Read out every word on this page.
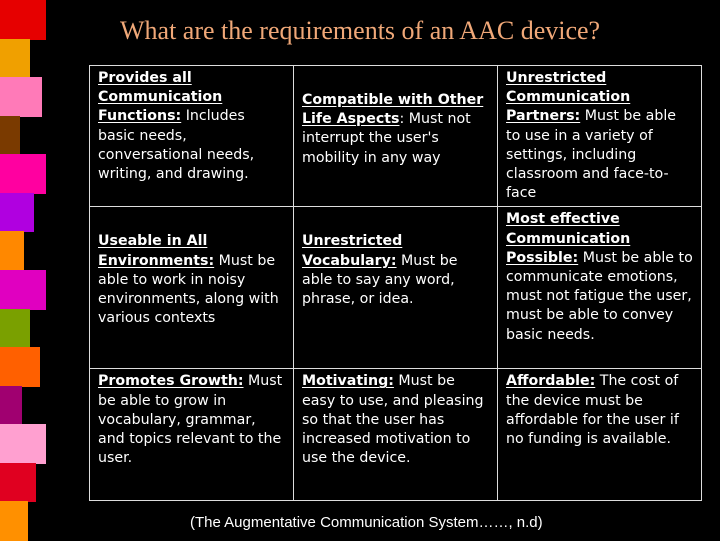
What are the requirements of an AAC device?
Provides all Communication Functions: Includes basic needs, conversational needs, writing, and drawing.	Compatible with Other Life Aspects: Must not interrupt the user's mobility in any way	Unrestricted Communication Partners: Must be able to use in a variety of settings, including classroom and face-to-face
Useable in All Environments: Must be able to work in noisy environments, along with various contexts	Unrestricted Vocabulary: Must be able to say any word, phrase, or idea.	Most effective Communication Possible: Must be able to communicate emotions, must not fatigue the user, must be able to convey basic needs.
Promotes Growth: Must be able to grow in vocabulary, grammar, and topics relevant to the user.	Motivating: Must be easy to use, and pleasing so that the user has increased motivation to use the device.	Affordable: The cost of the device must be affordable for the user if no funding is available.
(The Augmentative Communication System……, n.d)
